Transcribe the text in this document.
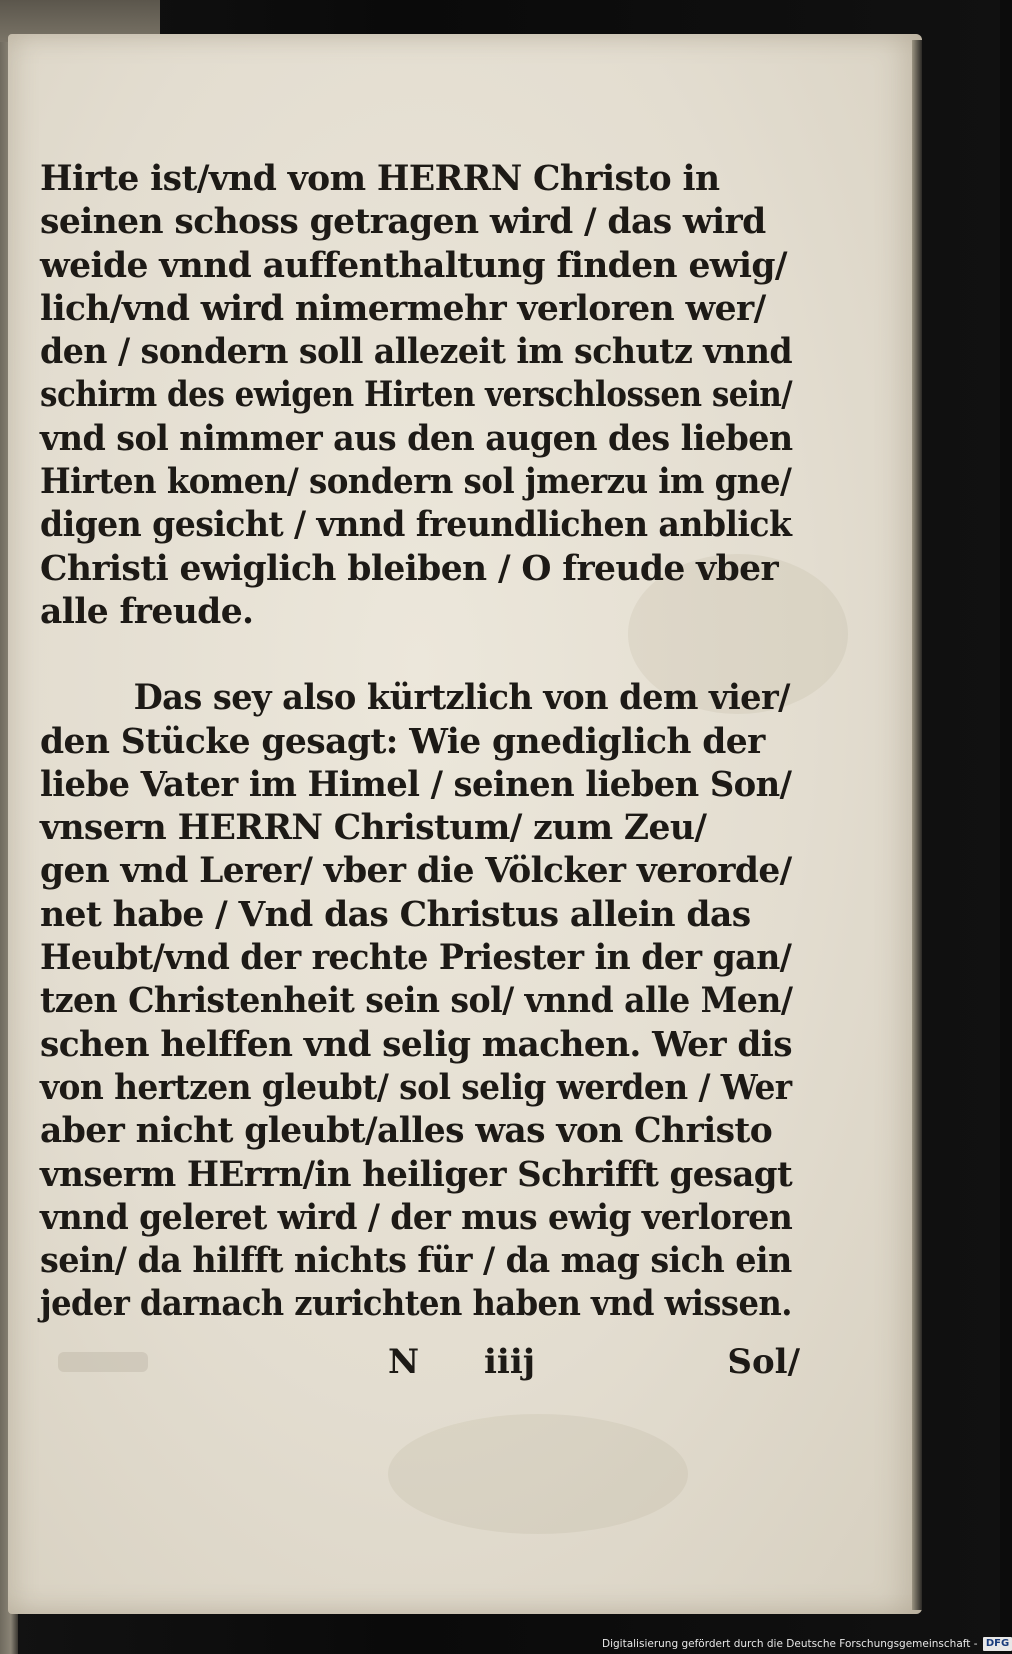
Hirte ist/vnd vom HERRN Christo in
seinen schoss getragen wird / das wird
weide vnnd auffenthaltung finden ewig/
lich/vnd wird nimermehr verloren wer/
den / sondern soll allezeit im schutz vnnd
schirm des ewigen Hirten verschlossen sein/
vnd sol nimmer aus den augen des lieben
Hirten komen/ sondern sol jmerzu im gne/
digen gesicht / vnnd freundlichen anblick
Christi ewiglich bleiben / O freude vber
alle freude.
Das sey also kürtzlich von dem vier/
den Stücke gesagt: Wie gnediglich der
liebe Vater im Himel / seinen lieben Son/
vnsern HERRN Christum/ zum Zeu/
gen vnd Lerer/ vber die Völcker verorde/
net habe / Vnd das Christus allein das
Heubt/vnd der rechte Priester in der gan/
tzen Christenheit sein sol/ vnnd alle Men/
schen helffen vnd selig machen. Wer dis
von hertzen gleubt/ sol selig werden / Wer
aber nicht gleubt/alles was von Christo
vnserm HErrn/in heiliger Schrifft gesagt
vnnd geleret wird / der mus ewig verloren
sein/ da hilfft nichts für / da mag sich ein
jeder darnach zurichten haben vnd wissen.
N iiij	Sol/
Digitalisierung gefördert durch die Deutsche Forschungsgemeinschaft - DFG
